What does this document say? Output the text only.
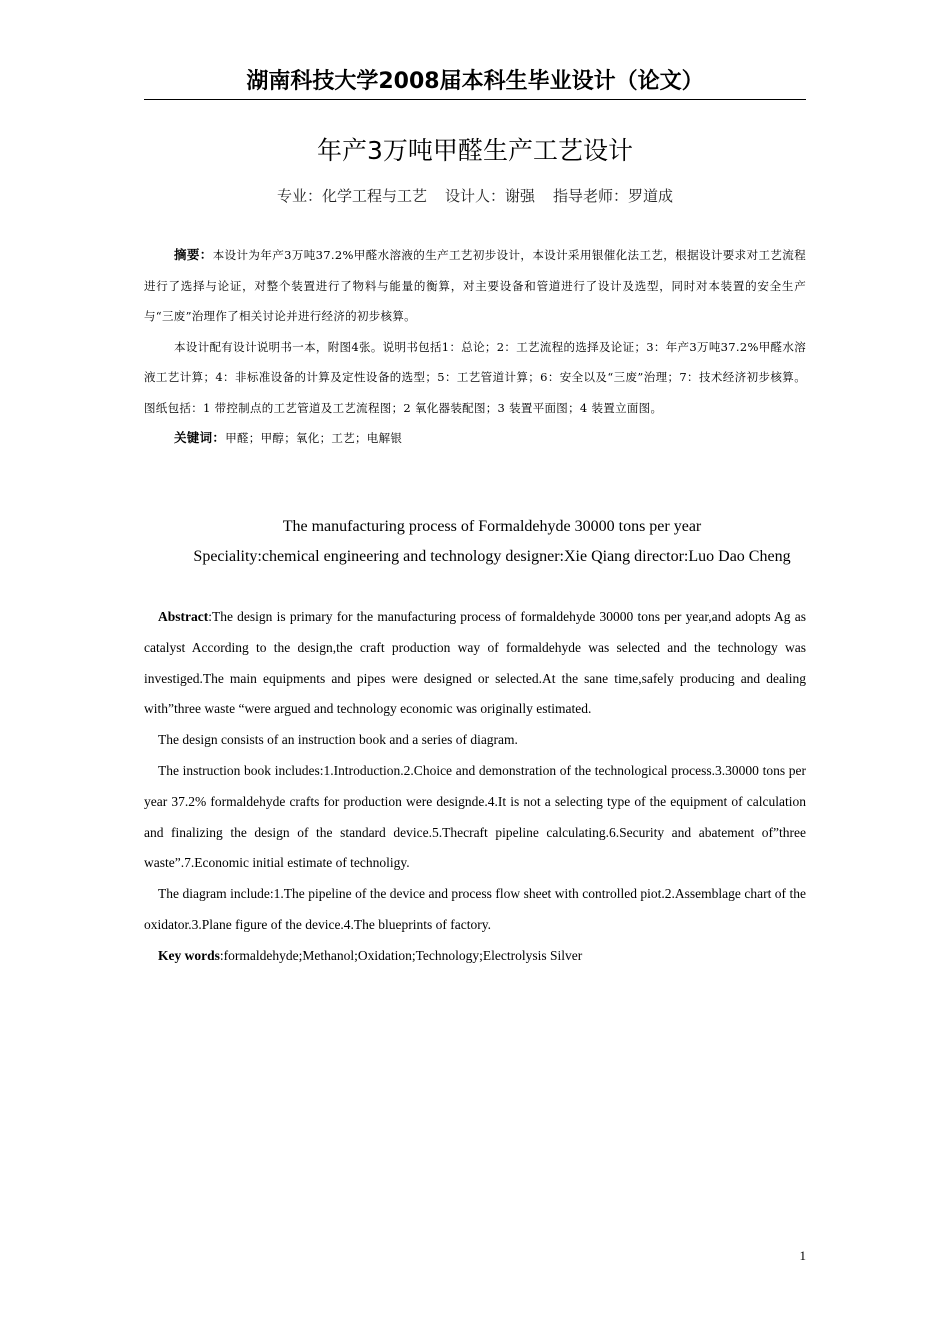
湖南科技大学2008届本科生毕业设计（论文）
年产3万吨甲醛生产工艺设计
专业：化学工程与工艺 设计人：谢强 指导老师：罗道成

摘要：本设计为年产3万吨37.2%甲醛水溶液的生产工艺初步设计，本设计采用银催化法工艺，根据设计要求对工艺流程进行了选择与论证，对整个装置进行了物料与能量的衡算，对主要设备和管道进行了设计及选型，同时对本装置的安全生产与“三废”治理作了相关讨论并进行经济的初步核算。

本设计配有设计说明书一本，附图4张。说明书包括1：总论；2：工艺流程的选择及论证；3：年产3万吨37.2%甲醛水溶液工艺计算；4：非标准设备的计算及定性设备的选型；5：工艺管道计算；6：安全以及“三废”治理；7：技术经济初步核算。图纸包括：1 带控制点的工艺管道及工艺流程图；2 氧化器装配图；3 装置平面图；4 装置立面图。

关键词：甲醛；甲醇；氧化；工艺；电解银

The manufacturing process of Formaldehyde 30000 tons per year
Speciality:chemical engineering and technology designer:Xie Qiang director:Luo Dao Cheng

Abstract:The design is primary for the manufacturing process of formaldehyde 30000 tons per year,and adopts Ag as catalyst According to the design,the craft production way of formaldehyde was selected and the technology was investiged.The main equipments and pipes were designed or selected.At the sane time,safely producing and dealing with”three waste “were argued and technology economic was originally estimated.

The design consists of an instruction book and a series of diagram.

The instruction book includes:1.Introduction.2.Choice and demonstration of the technological process.3.30000 tons per year 37.2% formaldehyde crafts for production were designde.4.It is not a selecting type of the equipment of calculation and finalizing the design of the standard device.5.Thecraft pipeline calculating.6.Security and abatement of”three waste”.7.Economic initial estimate of technoligy.

The diagram include:1.The pipeline of the device and process flow sheet with controlled piot.2.Assemblage chart of the oxidator.3.Plane figure of the device.4.The blueprints of factory.

Key words:formaldehyde;Methanol;Oxidation;Technology;Electrolysis Silver

1
